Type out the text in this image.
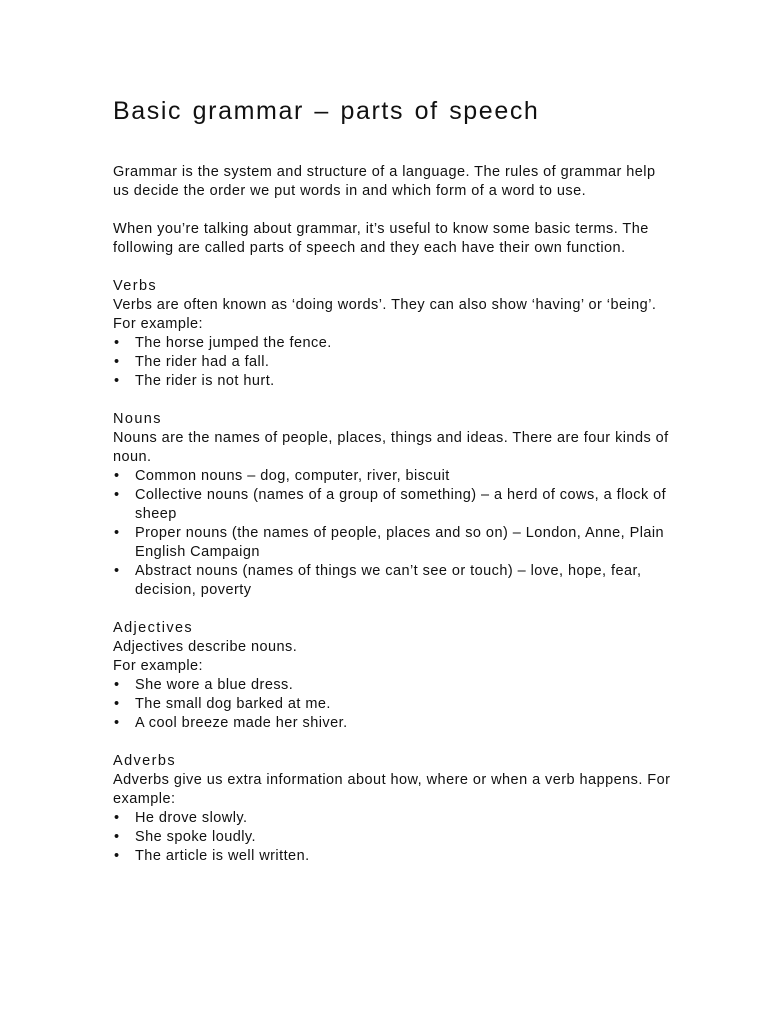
Basic grammar – parts of speech

Grammar is the system and structure of a language. The rules of grammar help us decide the order we put words in and which form of a word to use.

When you’re talking about grammar, it’s useful to know some basic terms. The following are called parts of speech and they each have their own function.

Verbs

Verbs are often known as ‘doing words’. They can also show ‘having’ or ‘being’.

For example:

• The horse jumped the fence.
• The rider had a fall.
• The rider is not hurt.

Nouns

Nouns are the names of people, places, things and ideas. There are four kinds of noun.

• Common nouns – dog, computer, river, biscuit
• Collective nouns (names of a group of something) – a herd of cows, a flock of sheep
• Proper nouns (the names of people, places and so on) – London, Anne, Plain English Campaign
• Abstract nouns (names of things we can’t see or touch) – love, hope, fear, decision, poverty

Adjectives

Adjectives describe nouns.

For example:

• She wore a blue dress.
• The small dog barked at me.
• A cool breeze made her shiver.

Adverbs

Adverbs give us extra information about how, where or when a verb happens. For example:

• He drove slowly.
• She spoke loudly.
• The article is well written.
